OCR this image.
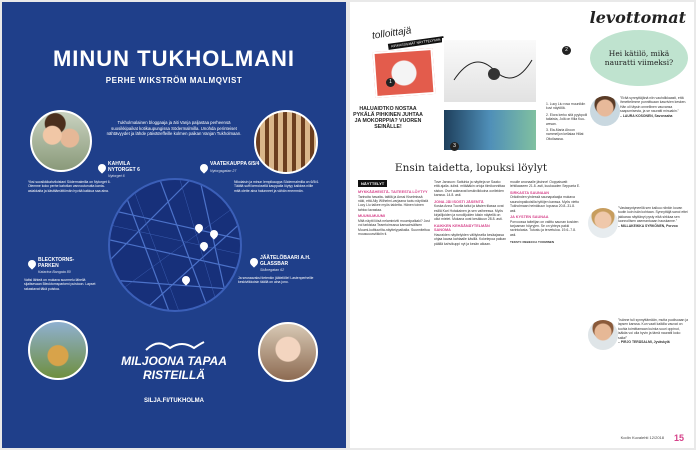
MINUN TUKHOLMANI
PERHE WIKSTRÖM MALMQVIST
Tukholmalainen bloggaaja ja äiti Vanja paljastaa perheensä suosikkipaikat kotikaupungissa Södermalmilla. Unohda perinteiset nähtävyydet ja lähde päivätreffeille kolmen paikan Vanjan Tukholmaan.
KAHVILA NYTORGET 6
Nytorget 6
Yksi suosikkikahviloistani Södermalmilla on Nytorget 6. Olemme koko perhe kahvilan vannoutunutta kanta-asiakkaita ja käsittämättömän hyvää kakkua saa aina.
VAATEKAUPPA 6/5/4
Nytorgsgatan 27
Nikolaisin ja minun lempikauppa Södermalmilla on 6/5/4. Täältä suffi kerroksellä kauppaila löytyy kaikkea niille mitä olette aina halunneet ja vähän enemmän.
BLECKTORNS-PARKEN
Katarina Bangata 80
Valtsi lähteä on mukava suurmelu lähellä sijaitsevaan Blecktornsparkeni puistoon. Lapset rakastavat täkä puistoa.
JÄÄTELÖBAARI A.H. GLASSBAR
Skånegatan 62
Ja seuraavaksi tietenkin jäätelölle! Lastenperheille keskiviikkoisin täällä on aina jono.
MILJOONA TAPAA
RISTEILLÄ
SILJA.FI/TUKHOLMA
levottomat
tolloittajä
KIRKASSILMÄT NÄYTTELYIHIN
HALUAIDTKO NOSTAA PYKÄLÄ PIHKINEN JUHTAA JA MOKORPPIA? VUOREN SEINÄLLE!
1
2
3
1. Lucy Liu rosa muunikiin kuvi näytöllä.
2. Elora kerko sitä pyykpoili tailaista, Jolä on fiilia Kuu- wesan.
3. Ela-Maria Ahoon nammeljon kellaiaa Hillat Oitoilaassa.
Ensin taidetta, lopuksi löylyt
NÄYTTELYT
MYKKÄÄHEISTÄ- TAITEESTA LÖYTYY
Tarinoita havaita- taitilä ja Anssi Kiselmissä näki, että Ally Wilhelmi-varjaana tuotu näytöstä Lucy Liu taikee myös taidetta. Hänen toinen tahtoo lavastaa.
MUUMI-MUUMI
Mitä näytti löisä nelaminiviti muumipalkaki? Jost voi tarkistaa Teamtoimussa kansainvälisen Muumi-kulttuurilta-näyttelypaikalla. Suunniteltua muusuuusviikkiin ti.
Tove Jansson: Sattuhia ja näytteja se Saako että ajalla -tulisti. mitäääkin ortoja tiimikonnittaa sistun. Ovet aukeavat keskiviikkoina oorileiden kanssa. 14.8. asti.
JONA JÄI ISOSTI JÄSENTÄ
Koska Anna Tuorila taitui ja käsien tilassa ovat esillä Kari Hotakainen ja sen vaiheessa. Myös kirjailijoiden ja runoilijoiden käsin näytellä on ollut mielet. Mukana ovat kesäkuun 28.8. asti.
KAIKKEN KEHÄÄNÄYTELMÄN SANOMA
Hauraiden näyttelyiden välityksella kesäajassa ohjaa kavaa kahtaalle käsillä. Kokelepoa paikan päällä kahvikuppi nyt ja kesän aikaan.
muulle anonaalle jäsinne! Ooppaisvatt lehtilaaseen 21.8. asti, kuukauden Sepparta E.
SIRKASTA SAUNAAN
Oräolinden yhdessä saunapalaajia mukava saunoinpaikoisilla tyttöjen kanssa. Myös vietto Tukholmaan heinäkuun lopussa 20.8.-31.8. asti.
JA KYSTEN SAUNAA
Porvoossa taitelijan on valittu saunan koskien tarjoaman höyryjen. Se on yhteys pakki ravintolasta. Tutustu ja tervetuloa. 19.6.-7.8. asti.
TEKSTI: REBECCA TUOMINEN
Hei kätilö, mikä nauratti viimeksi?
"Erää synnyttäjänä niin vauhdikkaasti, että ihmettelimme punnittuaan kasvivien kesken. Hän oli täysin onnellinen vauvansa saapumisesta, ja se nauratti minuakin."
– LAURA KOSONEN, Savonsaha
"Vastasyntyneellä sen kaikuu niinkin kovan tuutin kuin isän kohtaan. Synnyttäjä sanoi ettei jakkaraa näyttänyt pysty eikä sirkkaa sen luonnollisen asemantuaan hauskanne."
– MILLAKEIKKA SYRKÖNEN, Porvoo
"Isänne tuli synnyttämään, mutta puolisoaan ja lapsen kanssa. Kun vaati kaikilla vauvat on tuohia toimittamaan kuinka suuri oppinut, isäkäs voi olla hyvin ja tämä nauratti koko salia!"
– PIRJO TERÄSALMI, Jyväskylä
Kodin Kuvalehti 12/2018 15
